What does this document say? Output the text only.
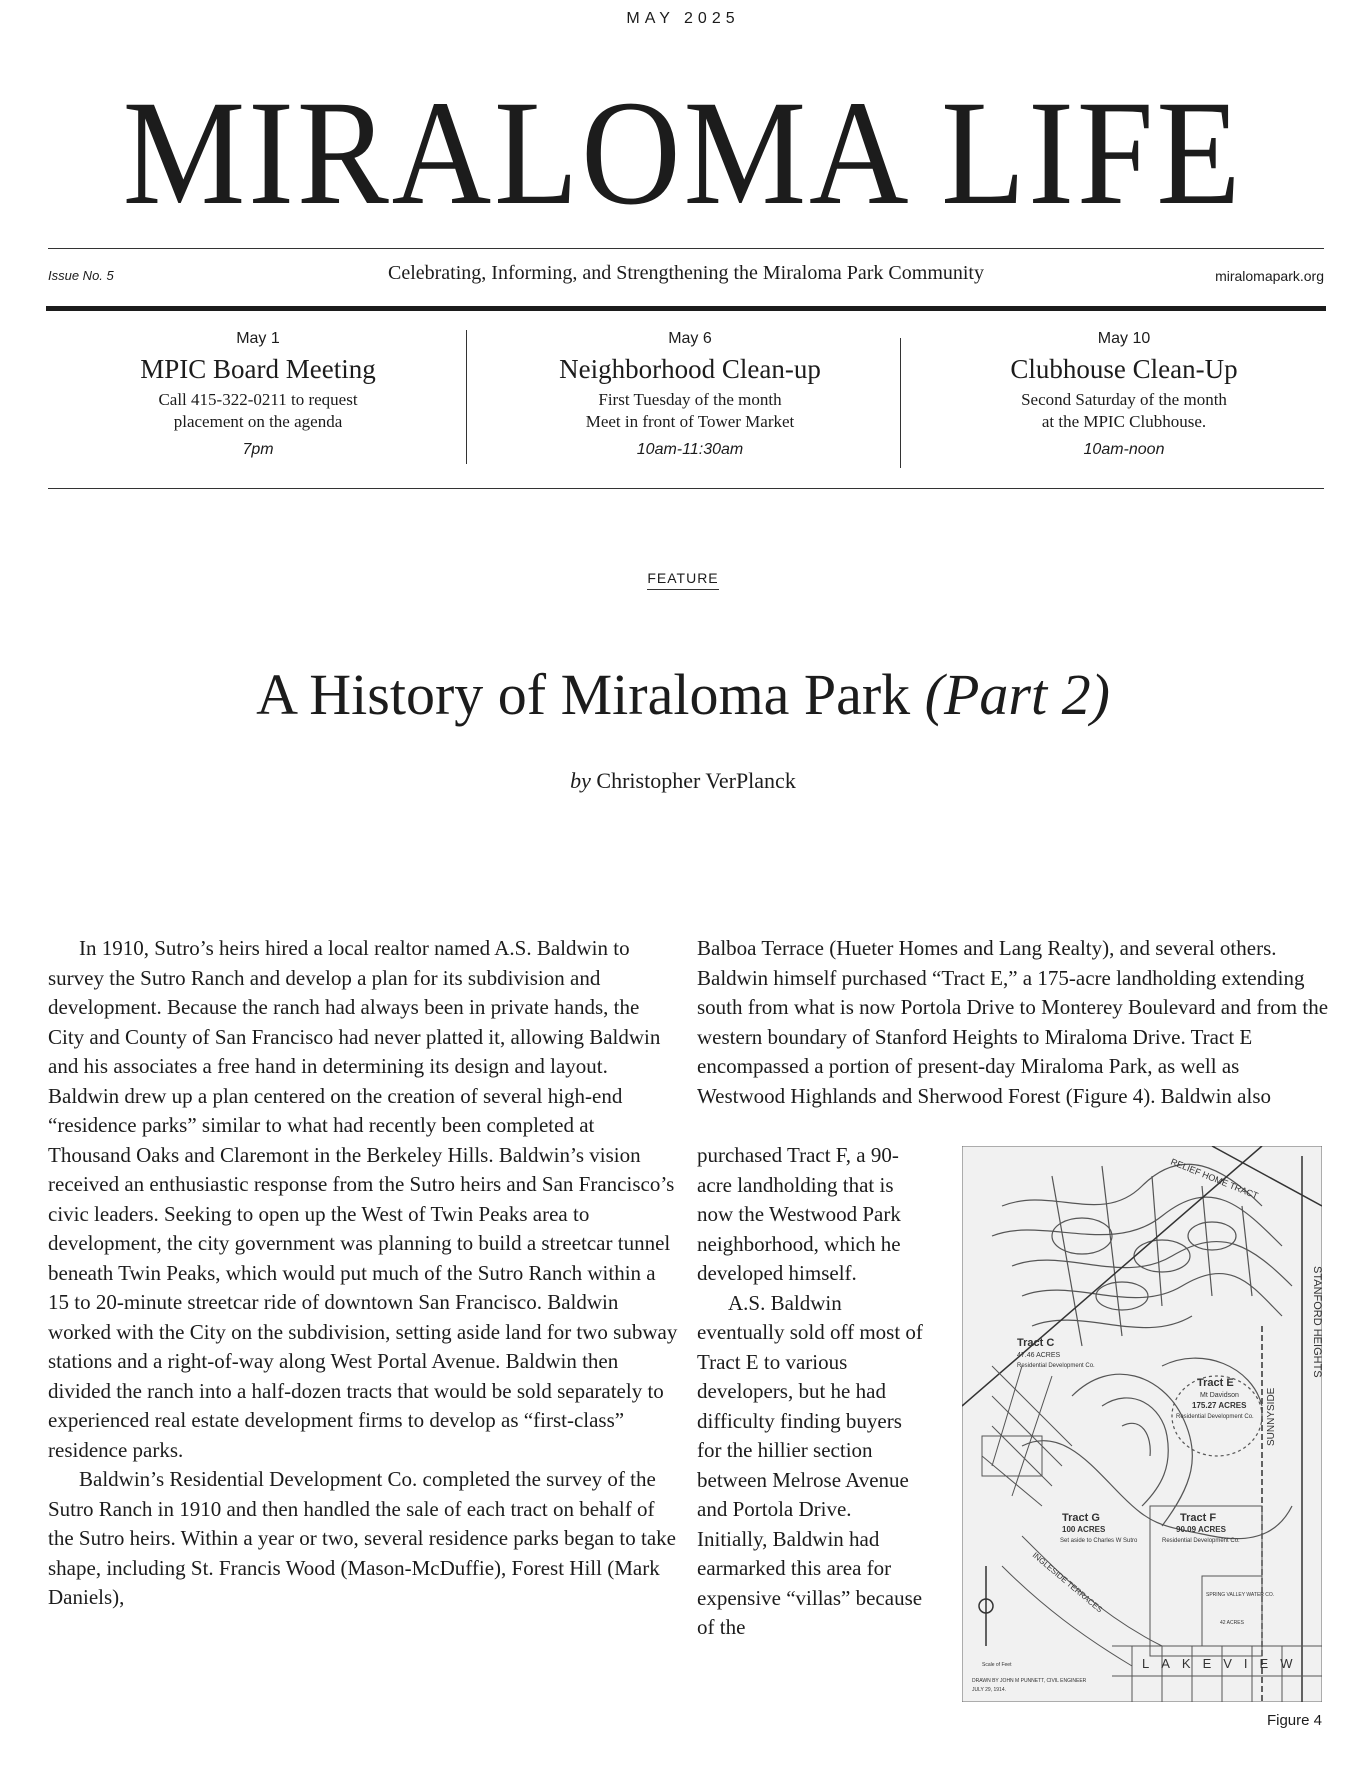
MAY 2025
MIRALOMA LIFE
Issue No. 5	Celebrating, Informing, and Strengthening the Miraloma Park Community	miralomapark.org
May 1
MPIC Board Meeting
Call 415-322-0211 to request
placement on the agenda
7pm
May 6
Neighborhood Clean-up
First Tuesday of the month
Meet in front of Tower Market
10am-11:30am
May 10
Clubhouse Clean-Up
Second Saturday of the month
at the MPIC Clubhouse.
10am-noon
FEATURE
A History of Miraloma Park (Part 2)
by Christopher VerPlanck

In 1910, Sutro’s heirs hired a local realtor named A.S. Baldwin to survey the Sutro Ranch and develop a plan for its subdivision and development. Because the ranch had always been in private hands, the City and County of San Francisco had never platted it, allowing Baldwin and his associates a free hand in determining its design and layout. Baldwin drew up a plan centered on the creation of several high-end “residence parks” similar to what had recently been completed at Thousand Oaks and Claremont in the Berkeley Hills. Baldwin’s vision received an enthusiastic response from the Sutro heirs and San Francisco’s civic leaders. Seeking to open up the West of Twin Peaks area to development, the city government was planning to build a streetcar tunnel beneath Twin Peaks, which would put much of the Sutro Ranch within a 15 to 20-minute streetcar ride of downtown San Francisco. Baldwin worked with the City on the subdivision, setting aside land for two subway stations and a right-of-way along West Portal Avenue. Baldwin then divided the ranch into a half-dozen tracts that would be sold separately to experienced real estate development firms to develop as “first-class” residence parks.

Baldwin’s Residential Development Co. completed the survey of the Sutro Ranch in 1910 and then handled the sale of each tract on behalf of the Sutro heirs. Within a year or two, several residence parks began to take shape, including St. Francis Wood (Mason-McDuffie), Forest Hill (Mark Daniels),

Balboa Terrace (Hueter Homes and Lang Realty), and several others. Baldwin himself purchased “Tract E,” a 175-acre landholding extending south from what is now Portola Drive to Monterey Boulevard and from the western boundary of Stanford Heights to Miraloma Drive. Tract E encompassed a portion of present-day Miraloma Park, as well as Westwood Highlands and Sherwood Forest (Figure 4). Baldwin also

purchased Tract F, a 90-acre landholding that is now the Westwood Park neighborhood, which he developed himself.

A.S. Baldwin eventually sold off most of Tract E to various developers, but he had difficulty finding buyers for the hillier section between Melrose Avenue and Portola Drive. Initially, Baldwin had earmarked this area for expensive “villas” because of the

RELIEF HOME TRACT
Tract C
47.46 ACRES
Residential Development Co.
Tract E
Mt Davidson
175.27 ACRES
Residential Development Co.
Tract G
100 ACRES
Set aside to Charles W Sutro
Tract F
90.09 ACRES
Residential Development Co.
SPRING VALLEY WATER CO.
42 ACRES
STANFORD HEIGHTS
SUNNYSIDE
INGLESIDE TERRACES
LAKEVIEW
Scale of Feet
DRAWN BY JOHN M PUNNETT, CIVIL ENGINEER
JULY 29, 1914.
Figure 4
